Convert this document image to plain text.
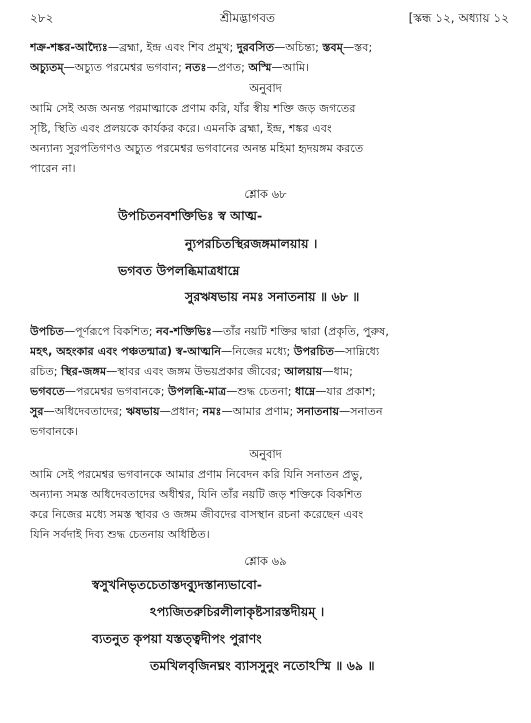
২৮২	শ্রীমদ্ভাগবত	[স্কন্ধ ১২, অধ্যায় ১২
শক্র-শঙ্কর-আদ্যৈঃ—ব্রহ্মা, ইন্দ্র এবং শিব প্রমুখ; দুরবসিত—অচিন্ত্য; স্তবম্‌—স্তব;
অচ্যুতম্‌—অচ্যুত পরমেশ্বর ভগবান; নতঃ—প্রণত; অস্মি—আমি।
অনুবাদ
আমি সেই অজ অনন্ত পরমাত্মাকে প্রণাম করি, যাঁর স্বীয় শক্তি জড় জগতের
সৃষ্টি, স্থিতি এবং প্রলয়কে কার্যকর করে। এমনকি ব্রহ্মা, ইন্দ্র, শঙ্কর এবং
অন্যান্য সুরপতিগণও অচ্যুত পরমেশ্বর ভগবানের অনন্ত মহিমা হৃদয়ঙ্গম করতে
পারেন না।
শ্লোক ৬৮
উপচিতনবশক্তিভিঃ স্ব আত্ম-
ন্যুপরচিতস্থিরজঙ্গমালয়ায় ।
ভগবত উপলব্ধিমাত্রধাম্নে
সুরঋষভায় নমঃ সনাতনায় ॥ ৬৮ ॥
উপচিত—পূর্ণরূপে বিকশিত; নব-শক্তিভিঃ—তাঁর নয়টি শক্তির দ্বারা (প্রকৃতি, পুরুষ,
মহৎ, অহংকার এবং পঞ্চতন্মাত্র) স্ব-আত্মনি—নিজের মধ্যে; উপরচিত—সাম্নিধ্যে
রচিত; স্থির-জঙ্গম—স্থাবর এবং জঙ্গম উভয়প্রকার জীবের; আলয়ায়—ধাম;
ভগবতে—পরমেশ্বর ভগবানকে; উপলব্ধি-মাত্র—শুদ্ধ চেতনা; ধাম্নে—যার প্রকাশ;
সুর—অধিদেবতাদের; ঋষভায়—প্রধান; নমঃ—আমার প্রণাম; সনাতনায়—সনাতন
ভগবানকে।
অনুবাদ
আমি সেই পরমেশ্বর ভগবানকে আমার প্রণাম নিবেদন করি যিনি সনাতন প্রভু,
অন্যান্য সমস্ত অধিদেবতাদের অধীশ্বর, যিনি তাঁর নয়টি জড় শক্তিকে বিকশিত
করে নিজের মধ্যে সমস্ত স্থাবর ও জঙ্গম জীবদের বাসস্থান রচনা করেছেন এবং
যিনি সর্বদাই দিব্য শুদ্ধ চেতনায় অধিষ্ঠিত।
শ্লোক ৬৯
স্বসুখনিভৃতচেতাস্তদ্ব্যুদস্তান্যভাবো-
ঽপ্যজিতরুচিরলীলাকৃষ্টসারস্তদীয়ম্‌ ।
ব্যতনুত কৃপয়া যস্তত্ত্বদীপং পুরাণং
তমখিলবৃজিনঘ্নং ব্যাসসুনুং নতোঽস্মি ॥ ৬৯ ॥
